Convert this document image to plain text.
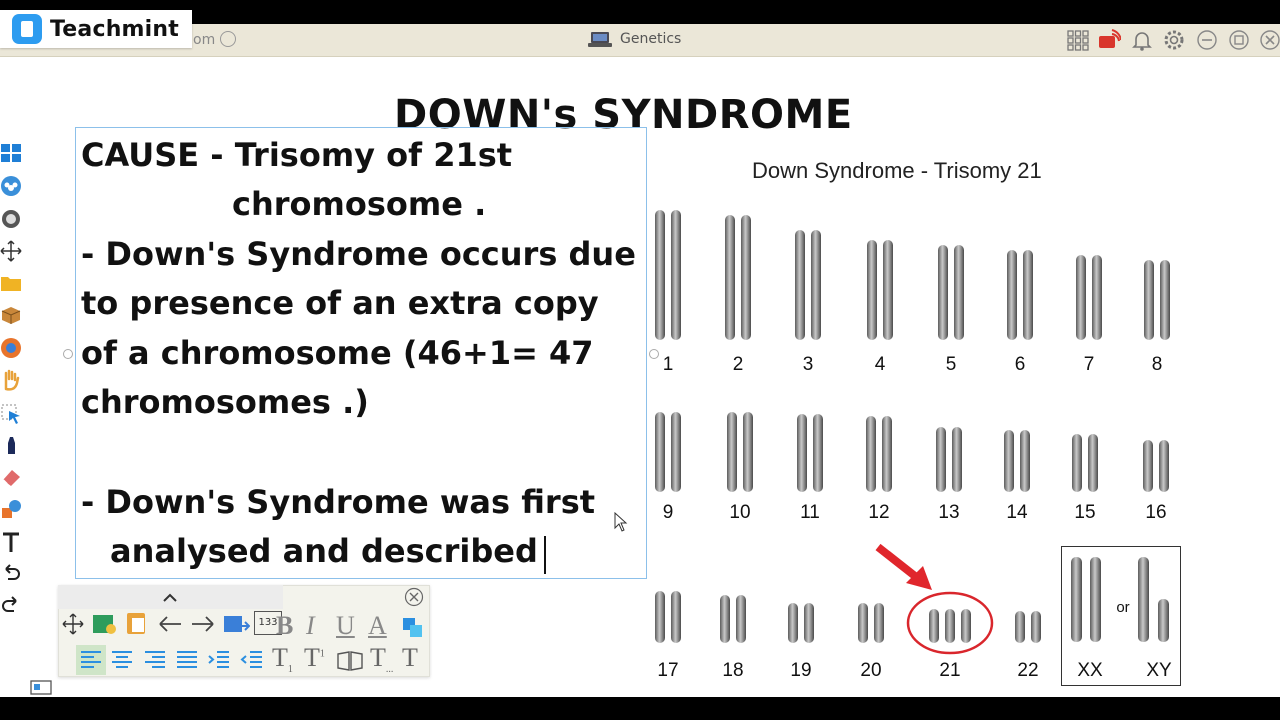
om	Genetics
Teachmint
DOWN's SYNDROME
CAUSE - Trisomy of 21st
chromosome .
- Down's Syndrome occurs due
to presence of an extra copy
of a chromosome (46+1= 47
chromosomes .)
- Down's Syndrome was first
analysed and described
Down Syndrome - Trisomy 21
1	2	3	4	5	6	7	8
9	10	11	12	13 14 15	16
17 18 19	20	21	22
or
XX XY
133
B I U A
$T_1$ $T^1$ $T_{...}$ T
